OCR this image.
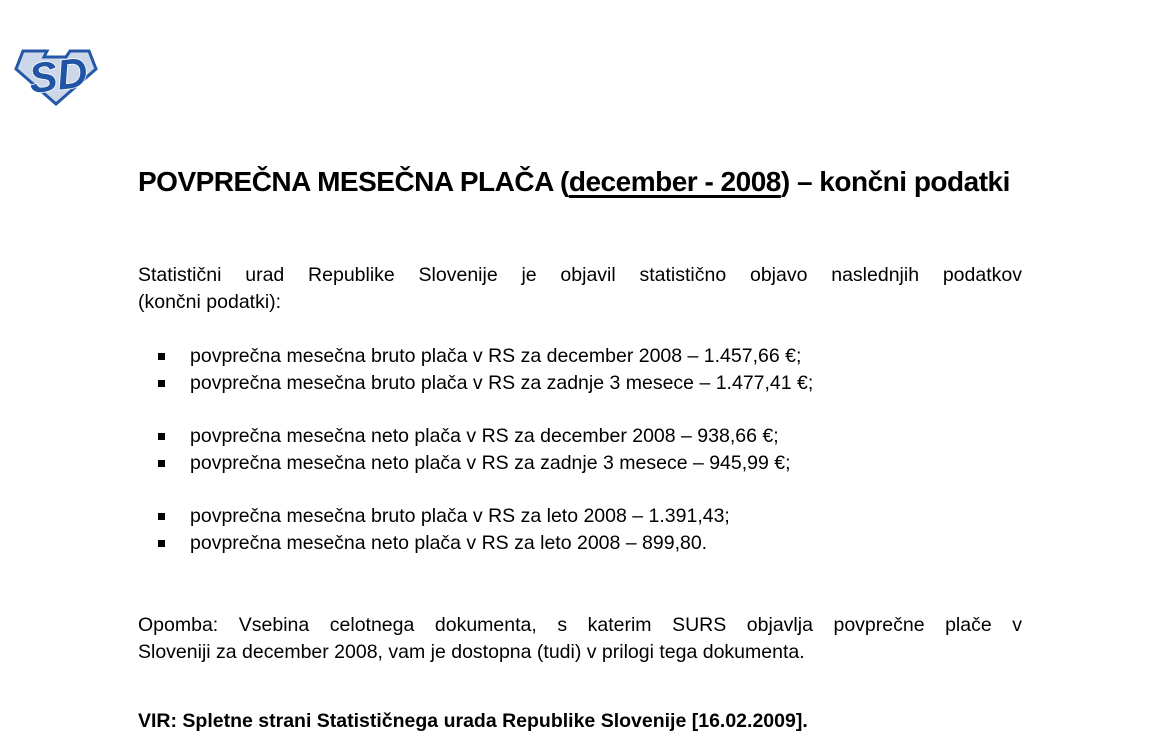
SD
POVPREČNA MESEČNA PLAČA (december - 2008) – končni podatki
Statistični urad Republike Slovenije je objavil statistično objavo naslednjih podatkov
(končni podatki):
povprečna mesečna bruto plača v RS za december 2008 – 1.457,66 €;
povprečna mesečna bruto plača v RS za zadnje 3 mesece – 1.477,41 €;
povprečna mesečna neto plača v RS za december 2008 – 938,66 €;
povprečna mesečna neto plača v RS za zadnje 3 mesece – 945,99 €;
povprečna mesečna bruto plača v RS za leto 2008 – 1.391,43;
povprečna mesečna neto plača v RS za leto 2008 – 899,80.
Opomba: Vsebina celotnega dokumenta, s katerim SURS objavlja povprečne plače v
Sloveniji za december 2008, vam je dostopna (tudi) v prilogi tega dokumenta.
VIR: Spletne strani Statističnega urada Republike Slovenije [16.02.2009].
